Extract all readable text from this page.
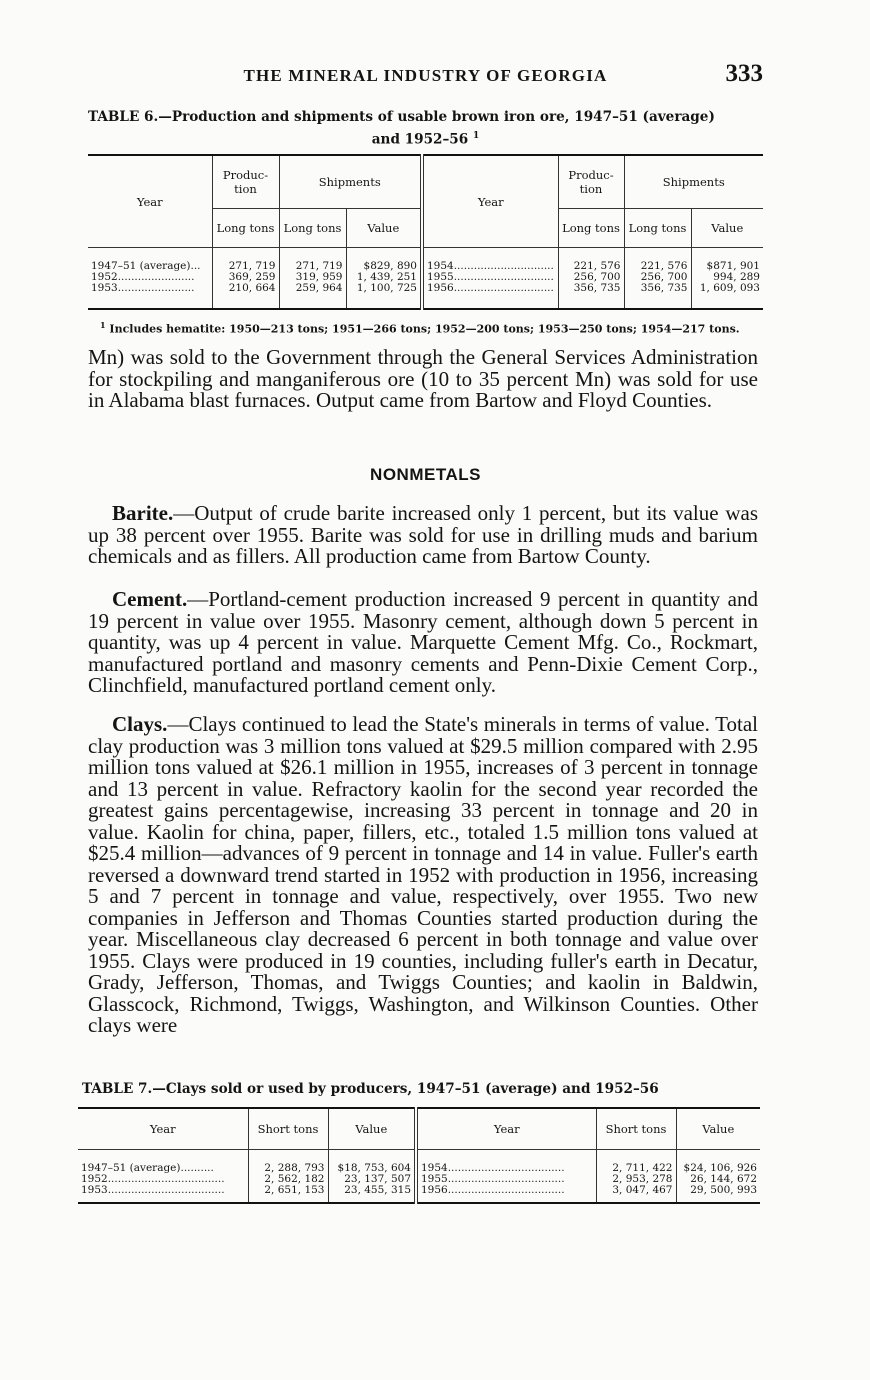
THE MINERAL INDUSTRY OF GEORGIA	333
TABLE 6.—Production and shipments of usable brown iron ore, 1947–51 (average)
and 1952–56 $^1$
Year	Produc-tion	Shipments		Year	Produc-tion	Shipments	
	Long tons	Long tons	Value		Long tons	Long tons	Value
1947–51 (average)...	271, 719	271, 719	$829, 890	1954..............................	221, 576	221, 576	$871, 901
1952.......................	369, 259	319, 959	1, 439, 251	1955..............................	256, 700	256, 700	994, 289
1953.......................	210, 664	259, 964	1, 100, 725	1956..............................	356, 735	356, 735	1, 609, 093
$^1$ Includes hematite: 1950—213 tons; 1951—266 tons; 1952—200 tons; 1953—250 tons; 1954—217 tons.

Mn) was sold to the Government through the General Services Administration for stockpiling and manganiferous ore (10 to 35 percent Mn) was sold for use in Alabama blast furnaces. Output came from Bartow and Floyd Counties.

NONMETALS

Barite.—Output of crude barite increased only 1 percent, but its value was up 38 percent over 1955. Barite was sold for use in drilling muds and barium chemicals and as fillers. All production came from Bartow County.

Cement.—Portland-cement production increased 9 percent in quantity and 19 percent in value over 1955. Masonry cement, although down 5 percent in quantity, was up 4 percent in value. Marquette Cement Mfg. Co., Rockmart, manufactured portland and masonry cements and Penn-Dixie Cement Corp., Clinchfield, manufactured portland cement only.

Clays.—Clays continued to lead the State's minerals in terms of value. Total clay production was 3 million tons valued at $29.5 million compared with 2.95 million tons valued at $26.1 million in 1955, increases of 3 percent in tonnage and 13 percent in value. Refractory kaolin for the second year recorded the greatest gains percentagewise, increasing 33 percent in tonnage and 20 in value. Kaolin for china, paper, fillers, etc., totaled 1.5 million tons valued at $25.4 million—advances of 9 percent in tonnage and 14 in value. Fuller's earth reversed a downward trend started in 1952 with production in 1956, increasing 5 and 7 percent in tonnage and value, respectively, over 1955. Two new companies in Jefferson and Thomas Counties started production during the year. Miscellaneous clay decreased 6 percent in both tonnage and value over 1955. Clays were produced in 19 counties, including fuller's earth in Decatur, Grady, Jefferson, Thomas, and Twiggs Counties; and kaolin in Baldwin, Glasscock, Richmond, Twiggs, Washington, and Wilkinson Counties. Other clays were

TABLE 7.—Clays sold or used by producers, 1947–51 (average) and 1952–56
Year	Short tons	Value	Year	Short tons	Value
1947–51 (average)..........	2, 288, 793	$18, 753, 604	1954...................................	2, 711, 422	$24, 106, 926
1952...................................	2, 562, 182	23, 137, 507	1955...................................	2, 953, 278	26, 144, 672
1953...................................	2, 651, 153	23, 455, 315	1956...................................	3, 047, 467	29, 500, 993
